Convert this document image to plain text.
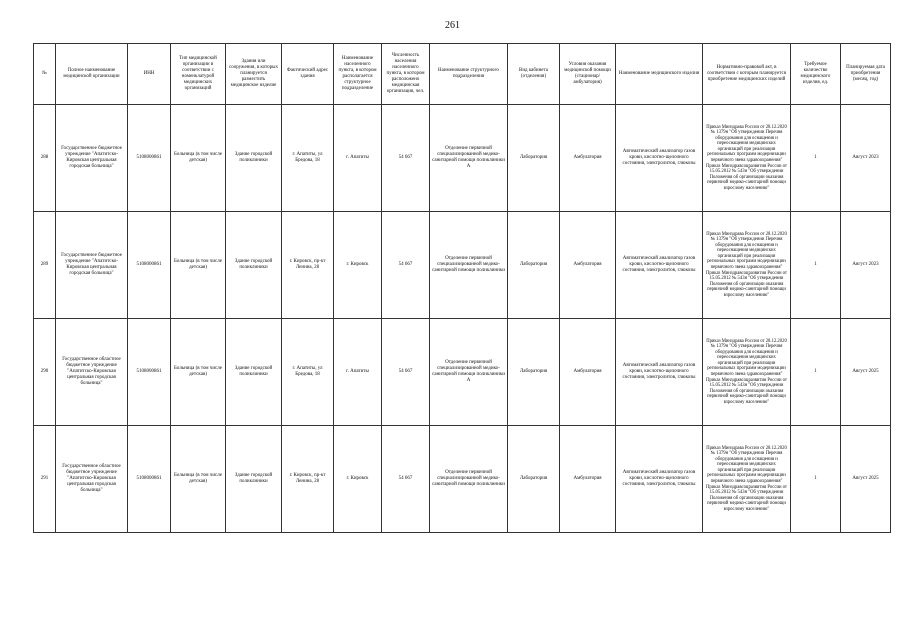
261
№	Полное наименование медицинской организации	ИНН	Тип медицинской организации в соответствии с номенклатурой медицинских организаций	Здания или сооружения, в которых планируется разместить медицинское изделие	Фактический адрес здания	Наименование населенного пункта, в котором располагается структурное подразделение	Численность населения населенного пункта, в котором расположено медицинская организация, чел.	Наименование структурного подразделения	Вид кабинета (отделения)	Условия оказания медицинской помощи (стационар/амбулатория)	Наименование медицинского изделия	Нормативно-правовой акт, в соответствии с которым планируется приобретение медицинских изделий	Требуемое количество медицинского изделия, ед.	Планируемая дата приобретения (месяц, год)
288	Государственное бюджетное учреждение "Апатитско-Кировская центральная городская больница"	5108000861	Больница (в том числе детская)	Здание городской поликлиники	г. Апатиты, ул Бредова, 18	г. Апатиты	54 667	Отделение первичной специализированной медико-санитарной помощи поликлиники А	Лаборатория	Амбулатория	Автоматический анализатор газов крови, кислотно-щелочного состояния, электролитов, глюкозы	Приказ Минздрава России от 28.12.2020 № 1379н "Об утверждении Перечня оборудования для оснащения и переоснащения медицинских организаций при реализации региональных программ модернизации первичного звена здравоохранения" Приказ Минздравсоцразвития России от 15.05.2012 № 543н "Об утверждении Положения об организации оказания первичной медико-санитарной помощи взрослому населению"	1	Август 2023
289	Государственное бюджетное учреждение "Апатитско-Кировская центральная городская больница"	5108000861	Больница (в том числе детская)	Здание городской поликлиники	г. Кировск, пр-кт Ленина, 28	г. Кировск	54 667	Отделение первичной специализированной медико-санитарной помощи поликлиники	Лаборатория	Амбулатория	Автоматический анализатор газов крови, кислотно-щелочного состояния, электролитов, глюкозы	Приказ Минздрава России от 28.12.2020 № 1379н "Об утверждении Перечня оборудования для оснащения и переоснащения медицинских организаций при реализации региональных программ модернизации первичного звена здравоохранения" Приказ Минздравсоцразвития России от 15.05.2012 № 543н "Об утверждении Положения об организации оказания первичной медико-санитарной помощи взрослому населению"	1	Август 2023
290	Государственное областное бюджетное учреждение "Апатитско-Кировская центральная городская больница"	5108000861	Больница (в том числе детская)	Здание городской поликлиники	г. Апатиты, ул Бредова, 18	г. Апатиты	54 667	Отделение первичной специализированной медико-санитарной помощи поликлиники А	Лаборатория	Амбулатория	Автоматический анализатор газов крови, кислотно-щелочного состояния, электролитов, глюкозы	Приказ Минздрава России от 28.12.2020 № 1379н "Об утверждении Перечня оборудования для оснащения и переоснащения медицинских организаций при реализации региональных программ модернизации первичного звена здравоохранения" Приказ Минздравсоцразвития России от 15.05.2012 № 543н "Об утверждении Положения об организации оказания первичной медико-санитарной помощи взрослому населению"	1	Август 2025
291	Государственное областное бюджетное учреждение "Апатитско-Кировская центральная городская больница"	5108000861	Больница (в том числе детская)	Здание городской поликлиники	г. Кировск, пр-кт Ленина, 28	г. Кировск	54 667	Отделение первичной специализированной медико-санитарной помощи поликлиники	Лаборатория	Амбулатория	Автоматический анализатор газов крови, кислотно-щелочного состояния, электролитов, глюкозы	Приказ Минздрава России от 28.12.2020 № 1379н "Об утверждении Перечня оборудования для оснащения и переоснащения медицинских организаций при реализации региональных программ модернизации первичного звена здравоохранения" Приказ Минздравсоцразвития России от 15.05.2012 № 543н "Об утверждении Положения об организации оказания первичной медико-санитарной помощи взрослому населению"	1	Август 2025
